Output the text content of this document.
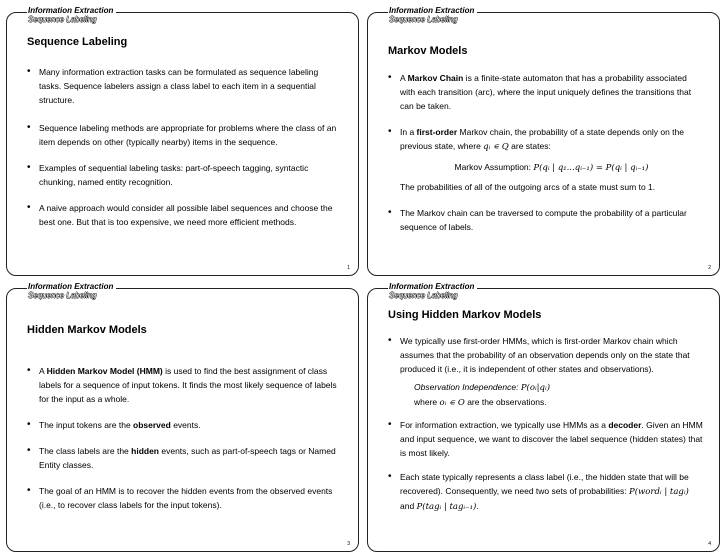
Information Extraction
Sequence Labeling
Sequence Labeling
• Many information extraction tasks can be formulated as sequence labeling tasks. Sequence labelers assign a class label to each item in a sequential structure.
• Sequence labeling methods are appropriate for problems where the class of an item depends on other (typically nearby) items in the sequence.
• Examples of sequential labeling tasks: part-of-speech tagging, syntactic chunking, named entity recognition.
• A naive approach would consider all possible label sequences and choose the best one. But that is too expensive, we need more efficient methods.
1
Information Extraction
Sequence Labeling
Markov Models
• A Markov Chain is a finite-state automaton that has a probability associated with each transition (arc), where the input uniquely defines the transitions that can be taken.
• In a first-order Markov chain, the probability of a state depends only on the previous state, where qᵢ ∊ Q are states:
Markov Assumption: P(qᵢ | q₁...qᵢ₋₁) = P(qᵢ | qᵢ₋₁)
The probabilities of all of the outgoing arcs of a state must sum to 1.
• The Markov chain can be traversed to compute the probability of a particular sequence of labels.
2
Information Extraction
Sequence Labeling
Hidden Markov Models
• A Hidden Markov Model (HMM) is used to find the best assignment of class labels for a sequence of input tokens. It finds the most likely sequence of labels for the input as a whole.
• The input tokens are the observed events.
• The class labels are the hidden events, such as part-of-speech tags or Named Entity classes.
• The goal of an HMM is to recover the hidden events from the observed events (i.e., to recover class labels for the input tokens).
3
Information Extraction
Sequence Labeling
Using Hidden Markov Models
• We typically use first-order HMMs, which is first-order Markov chain which assumes that the probability of an observation depends only on the state that produced it (i.e., it is independent of other states and observations).
Observation Independence: P(oᵢ|qᵢ)
where oᵢ ∊ O are the observations.
• For information extraction, we typically use HMMs as a decoder. Given an HMM and input sequence, we want to discover the label sequence (hidden states) that is most likely.
• Each state typically represents a class label (i.e., the hidden state that will be recovered). Consequently, we need two sets of probabilities: P(wordᵢ | tagᵢ) and P(tagᵢ | tagᵢ₋₁).
4
